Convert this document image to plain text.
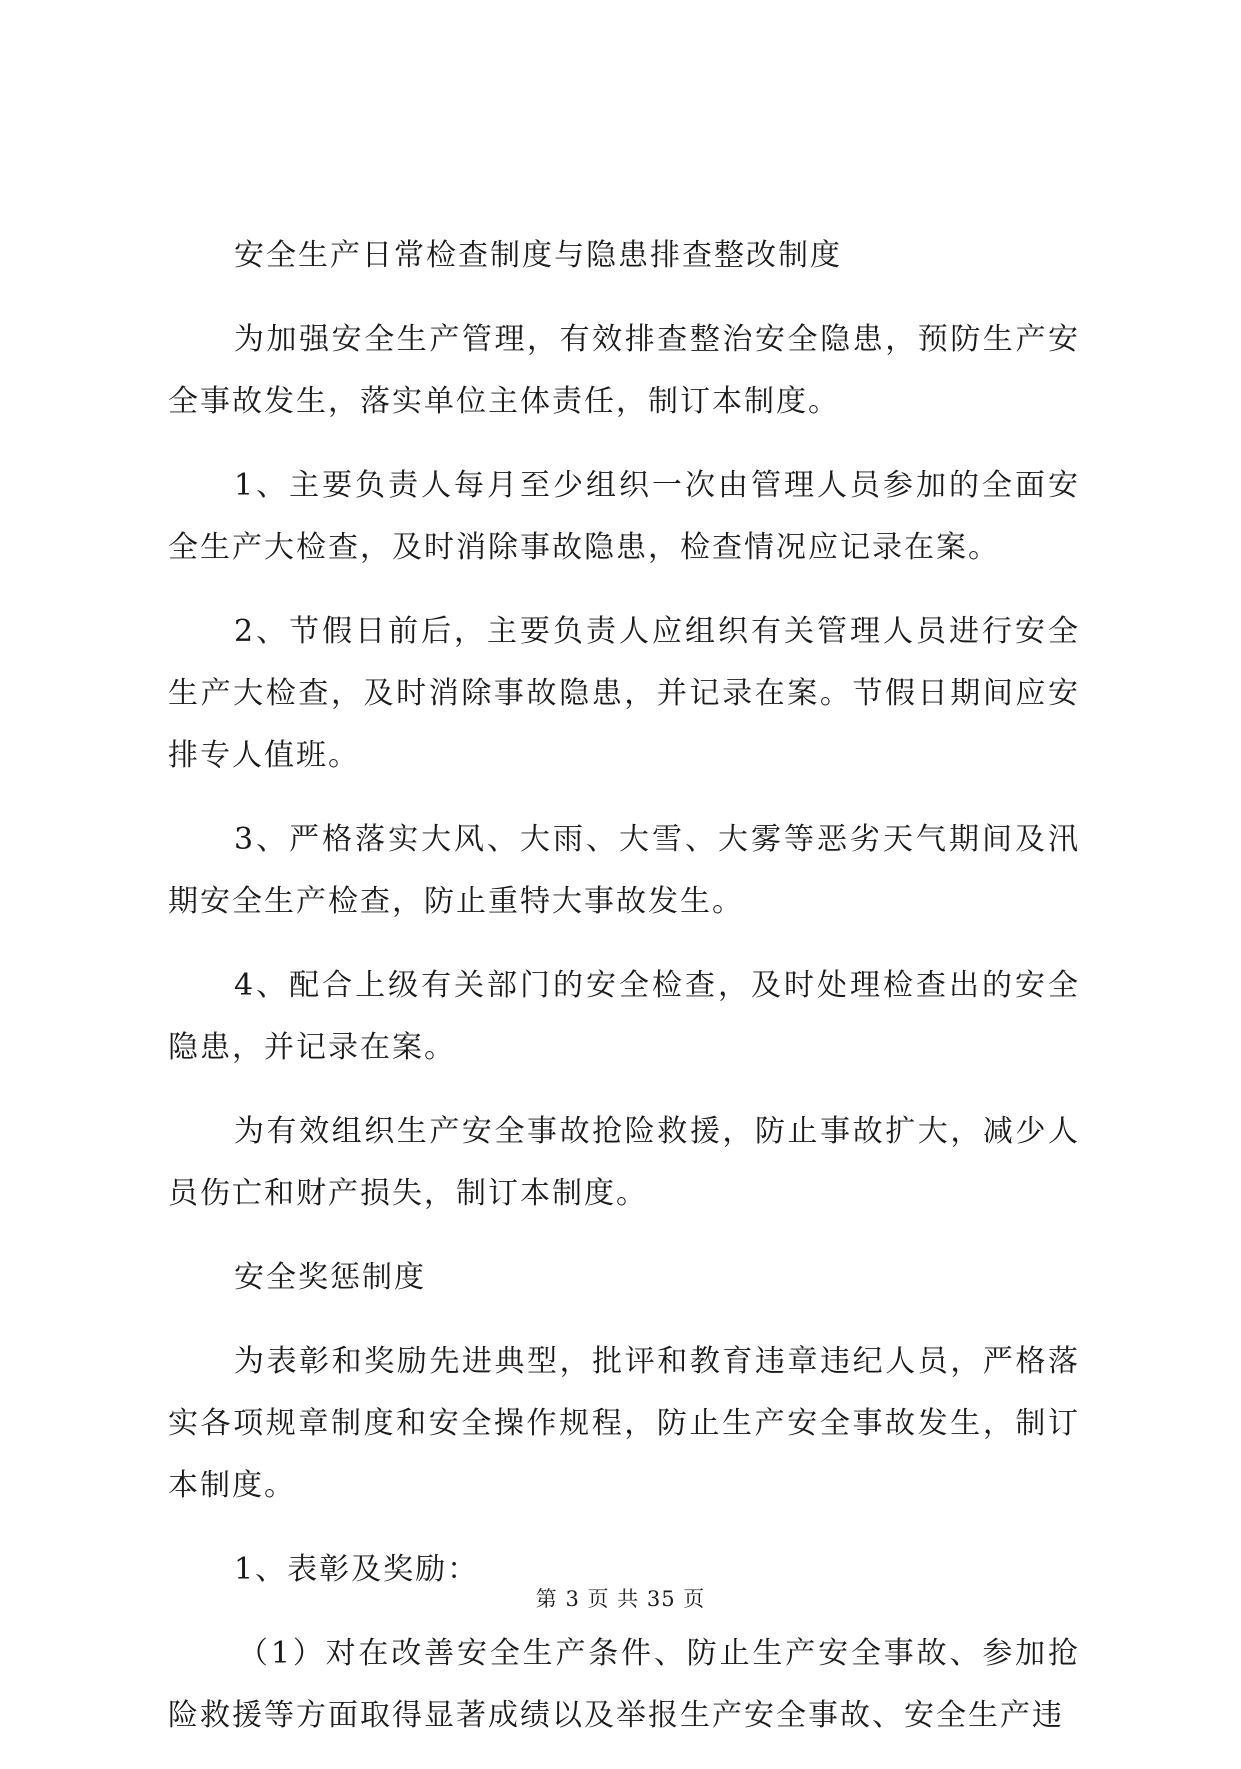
安全生产日常检查制度与隐患排查整改制度

为加强安全生产管理，有效排查整治安全隐患，预防生产安全事故发生，落实单位主体责任，制订本制度。

1、主要负责人每月至少组织一次由管理人员参加的全面安全生产大检查，及时消除事故隐患，检查情况应记录在案。

2、节假日前后，主要负责人应组织有关管理人员进行安全生产大检查，及时消除事故隐患，并记录在案。节假日期间应安排专人值班。

3、严格落实大风、大雨、大雪、大雾等恶劣天气期间及汛期安全生产检查，防止重特大事故发生。

4、配合上级有关部门的安全检查，及时处理检查出的安全隐患，并记录在案。

为有效组织生产安全事故抢险救援，防止事故扩大，减少人员伤亡和财产损失，制订本制度。

安全奖惩制度

为表彰和奖励先进典型，批评和教育违章违纪人员，严格落实各项规章制度和安全操作规程，防止生产安全事故发生，制订本制度。

1、表彰及奖励：

（1）对在改善安全生产条件、防止生产安全事故、参加抢险救援等方面取得显著成绩以及举报生产安全事故、安全生产违

第 3 页 共 35 页
